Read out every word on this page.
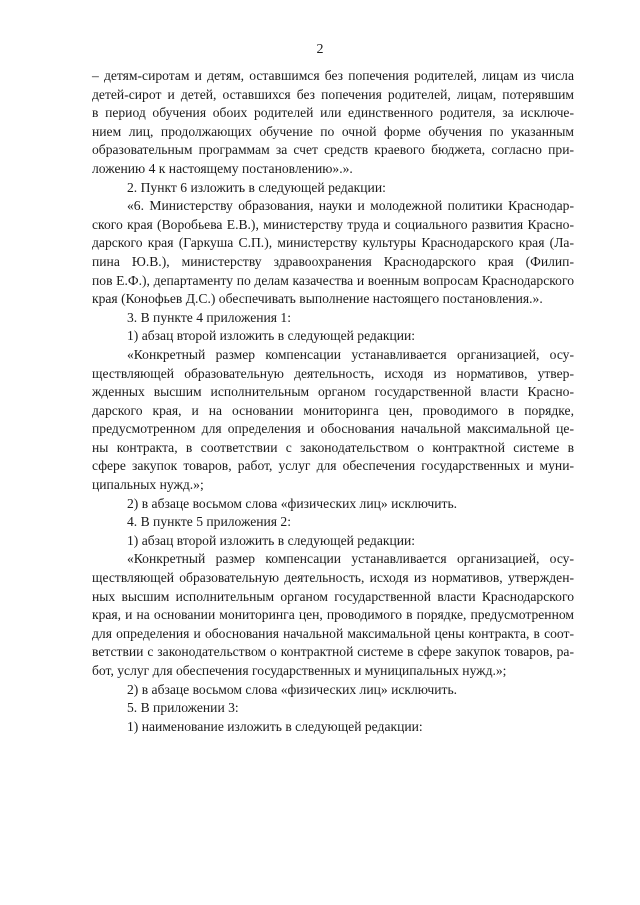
2
– детям-сиротам и детям, оставшимся без попечения родителей, лицам из числа
детей-сирот и детей, оставшихся без попечения родителей, лицам, потерявшим
в период обучения обоих родителей или единственного родителя, за исключе-
нием лиц, продолжающих обучение по очной форме обучения по указанным
образовательным программам за счет средств краевого бюджета, согласно при-
ложению 4 к настоящему постановлению».».
2. Пункт 6 изложить в следующей редакции:
«6. Министерству образования, науки и молодежной политики Краснодар-
ского края (Воробьева Е.В.), министерству труда и социального развития Красно-
дарского края (Гаркуша С.П.), министерству культуры Краснодарского края (Ла-
пина Ю.В.), министерству здравоохранения Краснодарского края (Филип-
пов Е.Ф.), департаменту по делам казачества и военным вопросам Краснодарского
края (Конофьев Д.С.) обеспечивать выполнение настоящего постановления.».
3. В пункте 4 приложения 1:
1) абзац второй изложить в следующей редакции:
«Конкретный размер компенсации устанавливается организацией, осу-
ществляющей образовательную деятельность, исходя из нормативов, утвер-
жденных высшим исполнительным органом государственной власти Красно-
дарского края, и на основании мониторинга цен, проводимого в порядке,
предусмотренном для определения и обоснования начальной максимальной це-
ны контракта, в соответствии с законодательством о контрактной системе в
сфере закупок товаров, работ, услуг для обеспечения государственных и муни-
ципальных нужд.»;
2) в абзаце восьмом слова «физических лиц» исключить.
4. В пункте 5 приложения 2:
1) абзац второй изложить в следующей редакции:
«Конкретный размер компенсации устанавливается организацией, осу-
ществляющей образовательную деятельность, исходя из нормативов, утвержден-
ных высшим исполнительным органом государственной власти Краснодарского
края, и на основании мониторинга цен, проводимого в порядке, предусмотренном
для определения и обоснования начальной максимальной цены контракта, в соот-
ветствии с законодательством о контрактной системе в сфере закупок товаров, ра-
бот, услуг для обеспечения государственных и муниципальных нужд.»;
2) в абзаце восьмом слова «физических лиц» исключить.
5. В приложении 3:
1) наименование изложить в следующей редакции:
